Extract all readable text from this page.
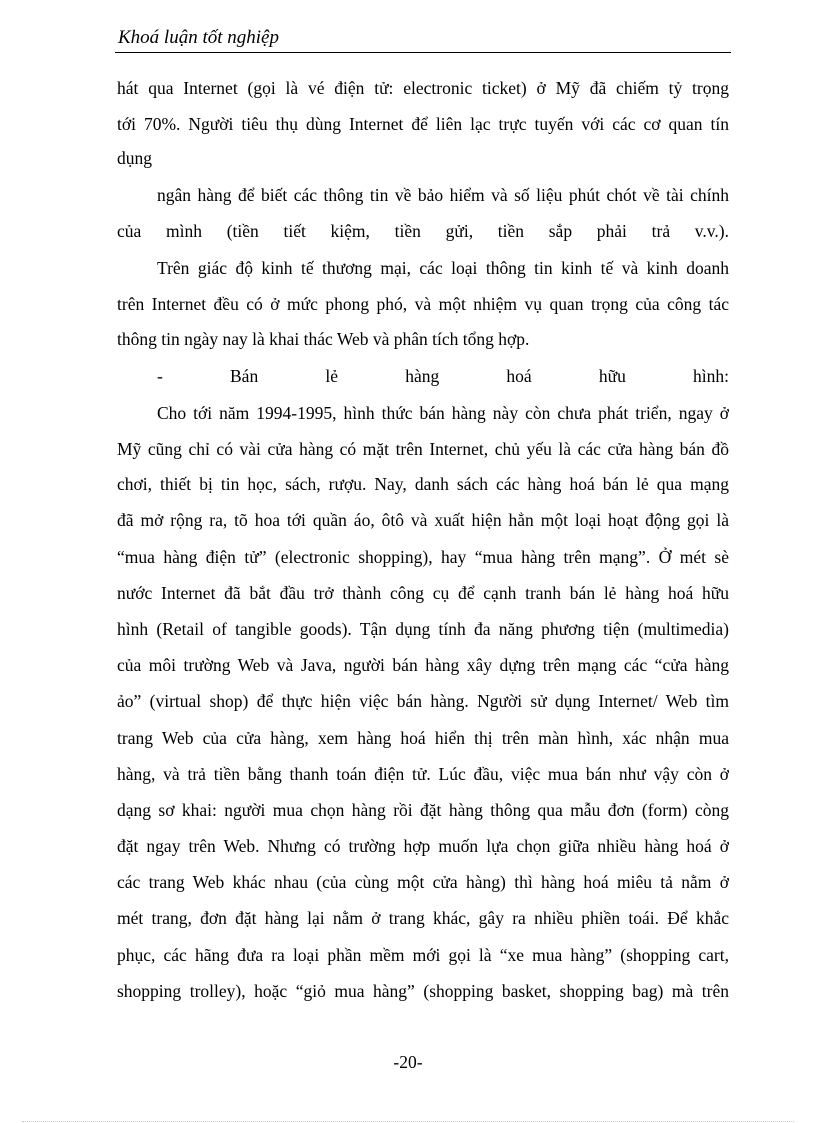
Khoá luận tốt nghiệp
hát qua Internet (gọi là vé điện tử: electronic ticket) ở Mỹ đã chiếm tỷ trọng
tới 70%. Người tiêu thụ dùng Internet để liên lạc trực tuyến với các cơ quan tín
dụng
ngân hàng để biết các thông tin về bảo hiểm và số liệu phút chót về tài chính
của mình (tiền tiết kiệm, tiền gửi, tiền sắp phải trả v.v.).
Trên giác độ kinh tế thương mại, các loại thông tin kinh tế và kinh doanh
trên Internet đều có ở mức phong phó, và một nhiệm vụ quan trọng của công tác
thông tin ngày nay là khai thác Web và phân tích tổng hợp.
- Bán lẻ hàng hoá hữu hình:
Cho tới năm 1994-1995, hình thức bán hàng này còn chưa phát triển, ngay ở
Mỹ cũng chỉ có vài cửa hàng có mặt trên Internet, chủ yếu là các cửa hàng bán đồ
chơi, thiết bị tin học, sách, rượu. Nay, danh sách các hàng hoá bán lẻ qua mạng
đã mở rộng ra, tõ hoa tới quần áo, ôtô và xuất hiện hẳn một loại hoạt động gọi là
“mua hàng điện tử” (electronic shopping), hay “mua hàng trên mạng”. Ở mét sè
nước Internet đã bắt đầu trở thành công cụ để cạnh tranh bán lẻ hàng hoá hữu
hình (Retail of tangible goods). Tận dụng tính đa năng phương tiện (multimedia)
của môi trường Web và Java, người bán hàng xây dựng trên mạng các “cửa hàng
ảo” (virtual shop) để thực hiện việc bán hàng. Người sử dụng Internet/ Web tìm
trang Web của cửa hàng, xem hàng hoá hiển thị trên màn hình, xác nhận mua
hàng, và trả tiền bằng thanh toán điện tử. Lúc đầu, việc mua bán như vậy còn ở
dạng sơ khai: người mua chọn hàng rồi đặt hàng thông qua mẫu đơn (form) còng
đặt ngay trên Web. Nhưng có trường hợp muốn lựa chọn giữa nhiều hàng hoá ở
các trang Web khác nhau (của cùng một cửa hàng) thì hàng hoá miêu tả nằm ở
mét trang, đơn đặt hàng lại nằm ở trang khác, gây ra nhiều phiền toái. Để khắc
phục, các hãng đưa ra loại phần mềm mới gọi là “xe mua hàng” (shopping cart,
shopping trolley), hoặc “giỏ mua hàng” (shopping basket, shopping bag) mà trên
-20-
